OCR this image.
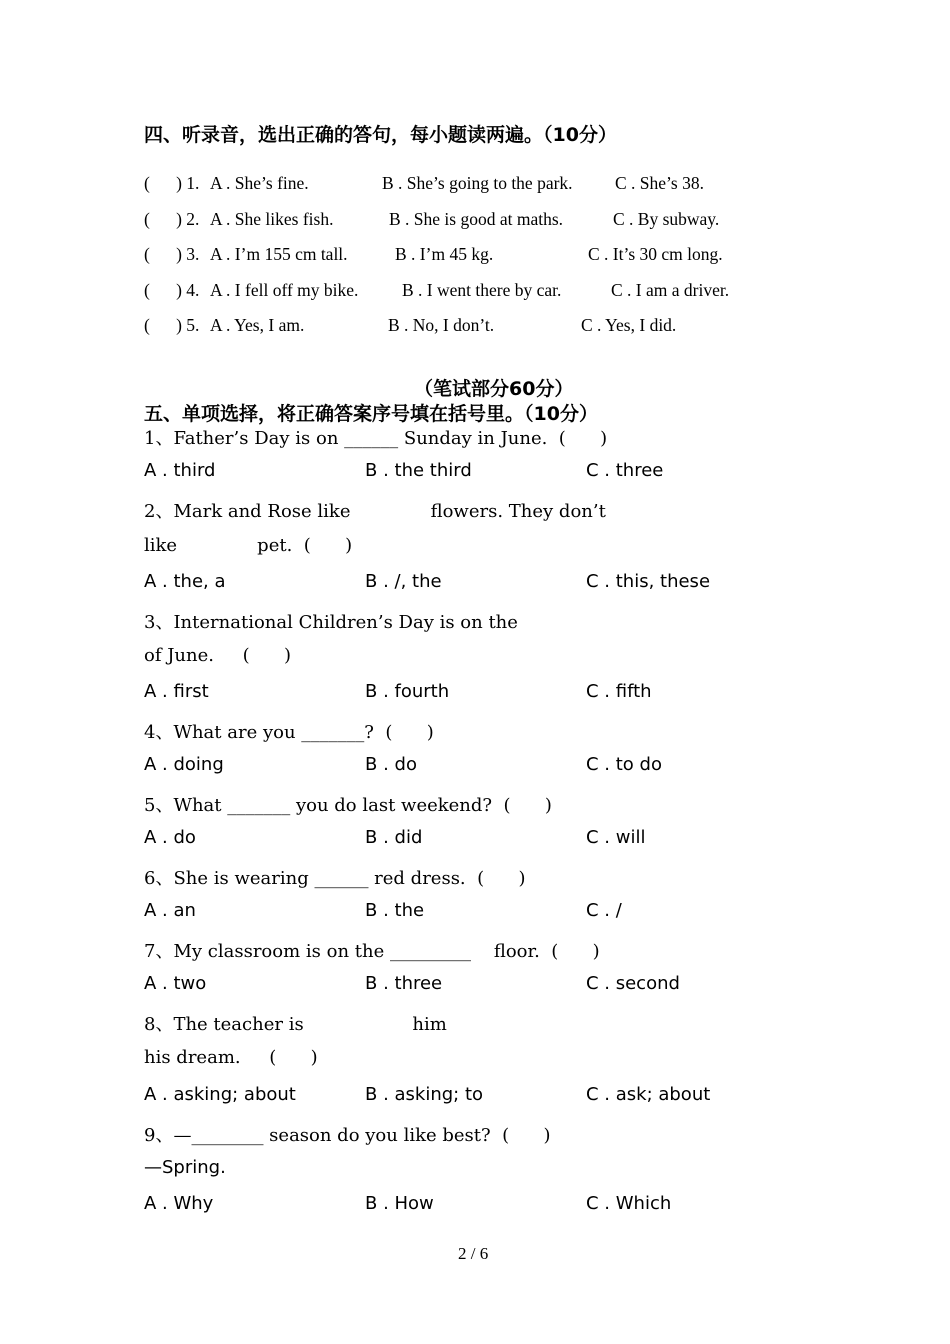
四、听录音，选出正确的答句，每小题读两遍。（10分）
(      ) 1. A . She’s fine.	B . She’s going to the park. C . She’s 38.
(      ) 2. A . She likes fish.	B . She is good at maths.	C . By subway.
(      ) 3. A . I’m 155 cm tall.	B . I’m 45 kg.	C . It’s 30 cm long.
(      ) 4. A . I fell off my bike. B . I went there by car.	C . I am a driver.
(      ) 5. A . Yes, I am.	B . No, I don’t.	C . Yes, I did.
（笔试部分60分）
五、单项选择，将正确答案序号填在括号里。（10分）
1、Father’s Day is on ______ Sunday in June.  (      )
A . third	B . the third	C . three
2、Mark and Rose like              flowers. They don’t
like              pet.  (      )
A . the, a	B . /, the	C . this, these
3、International Children’s Day is on the
of June.     (      )
A . first	B . fourth	C . fifth
4、What are you _______?  (      )
A . doing	B . do	C . to do
5、What _______ you do last weekend?  (      )
A . do	B . did	C . will
6、She is wearing ______ red dress.  (      )
A . an	B . the	C . /
7、My classroom is on the _________    floor.  (      )
A . two	B . three	C . second
8、The teacher is                   him
his dream.     (      )
A . asking; about	B . asking; to	C . ask; about
9、—________ season do you like best?  (      )
—Spring.
A . Why	B . How	C . Which
2 / 6
